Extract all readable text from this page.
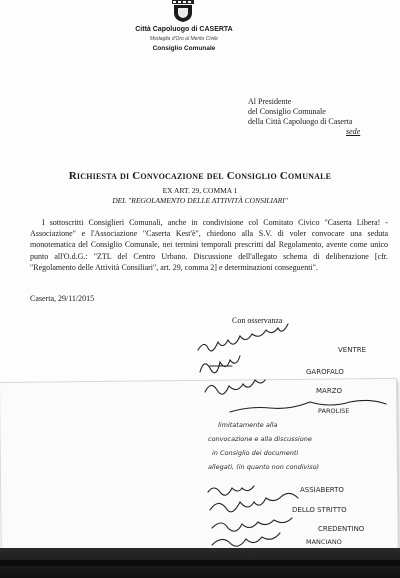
Città Capoluogo di CASERTA
Medaglia d'Oro al Merito Civile
Consiglio Comunale
Al Presidente
del Consiglio Comunale
della Città Capoluogo di Caserta
sede
Richiesta di Convocazione del Consiglio Comunale
EX ART. 29, COMMA 1
DEL "REGOLAMENTO DELLE ATTIVITÀ CONSILIARI"
I sottoscritti Consiglieri Comunali, anche in condivisione col Comitato Civico "Caserta Libera! - Associazione" e l'Associazione "Caserta Kest'è", chiedono alla S.V. di voler convocare una seduta monotematica del Consiglio Comunale, nei termini temporali prescritti dal Regolamento, avente come unico punto all'O.d.G.: "ZTL del Centro Urbano. Discussione dell'allegato schema di deliberazione [cfr. "Regolamento delle Attività Consiliari", art. 29, comma 2] e determinazioni conseguenti".
Caserta, 29/11/2015
Con osservanza
VENTRE
GAROFALO
MARZO
PAROLISE
limitatamente alla
convocazione e alla discussione
in Consiglio dei documenti
allegati, (in quanto non condiviso)
ASSIABERTO
DELLO STRITTO
CREDENTINO
MANCIANO
